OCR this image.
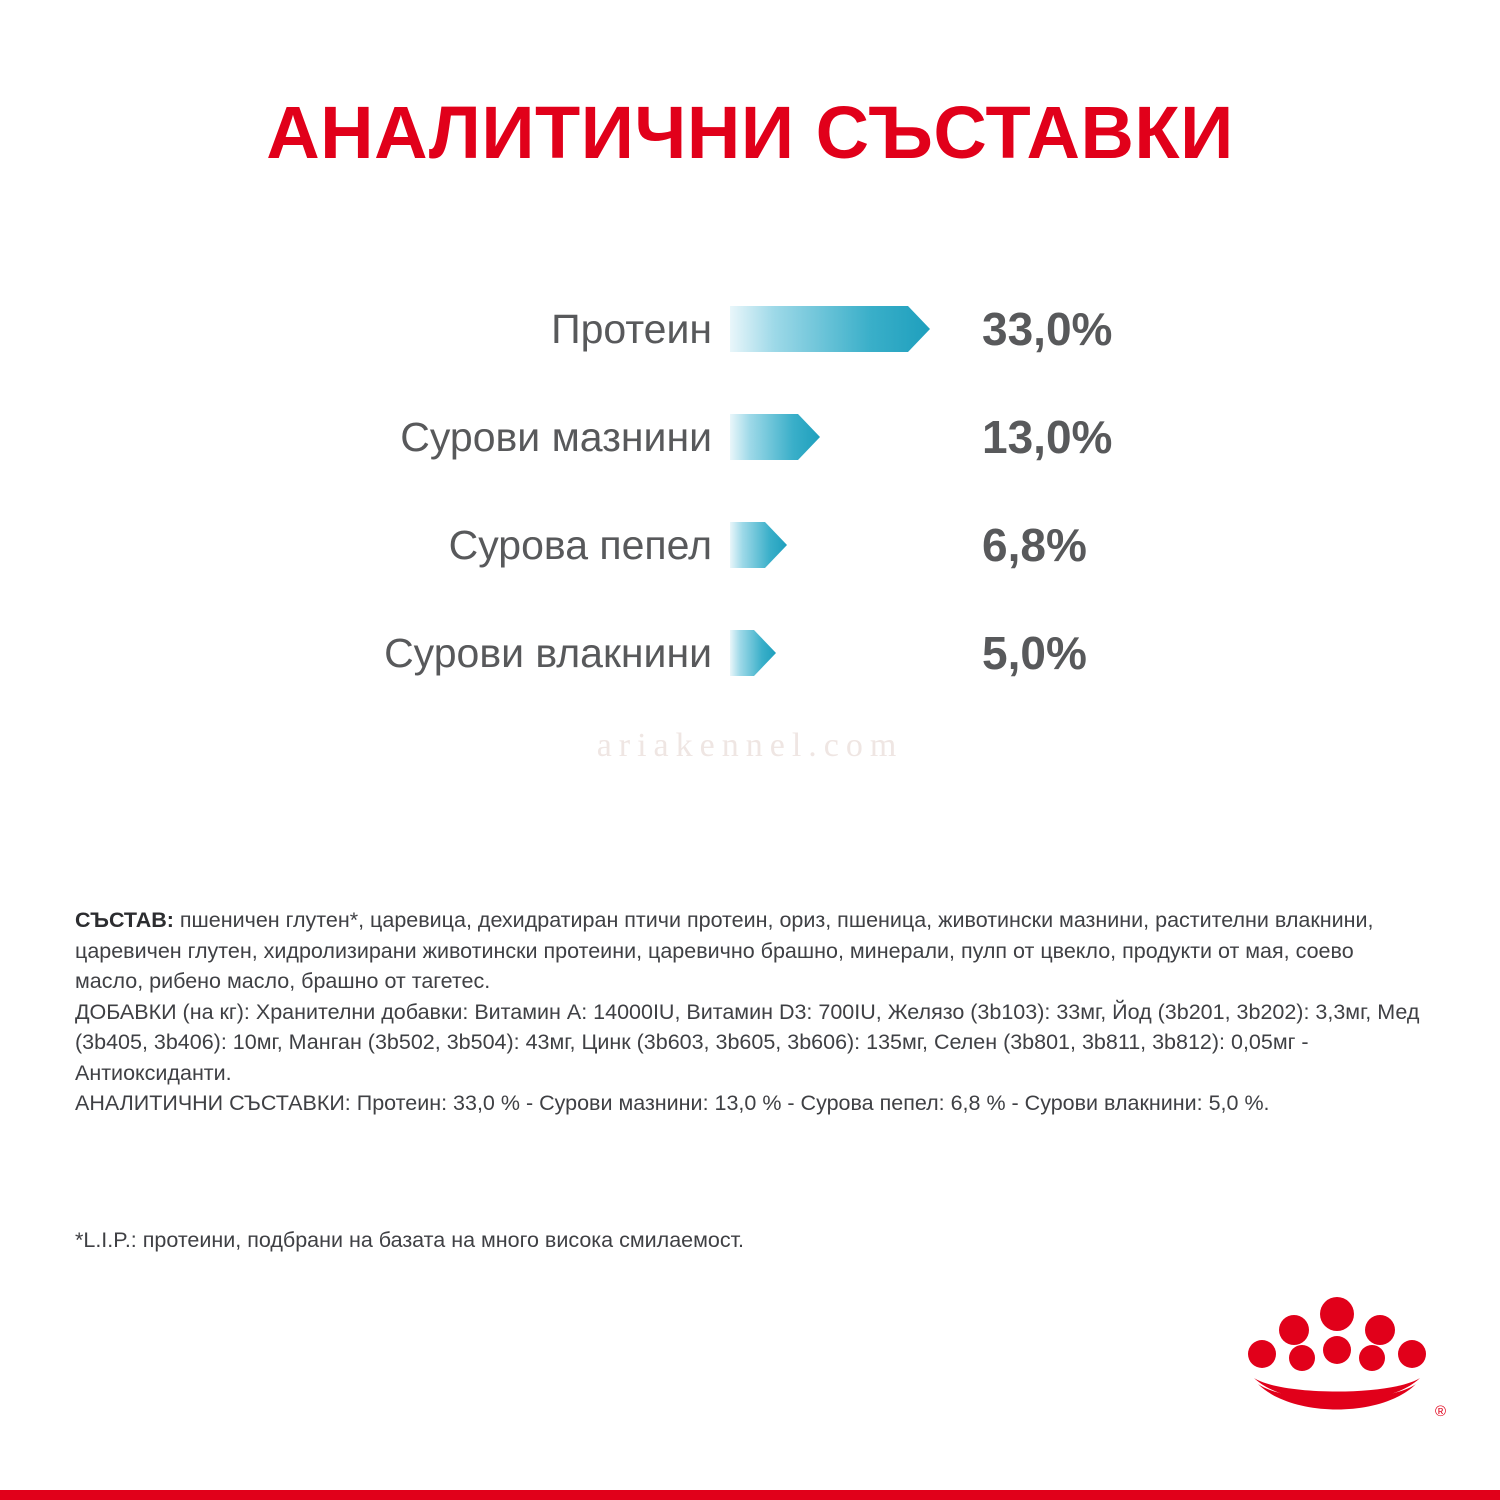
АНАЛИТИЧНИ СЪСТАВКИ
Протеин	33,0%
Сурови мазнини	13,0%
Сурова пепел	6,8%
Сурови влакнини	5,0%
ariakennel.com

СЪСТАВ: пшеничен глутен*, царевица, дехидратиран птичи протеин, ориз, пшеница, животински мазнини, растителни влакнини, царевичен глутен, хидролизирани животински протеини, царевично брашно, минерали, пулп от цвекло, продукти от мая, соево масло, рибено масло, брашно от тагетес.

ДОБАВКИ (на кг): Хранителни добавки: Витамин A: 14000IU, Витамин D3: 700IU, Желязо (3b103): 33мг, Йод (3b201, 3b202): 3,3мг, Мед (3b405, 3b406): 10мг, Манган (3b502, 3b504): 43мг, Цинк (3b603, 3b605, 3b606): 135мг, Селен (3b801, 3b811, 3b812): 0,05мг - Антиоксиданти.

АНАЛИТИЧНИ СЪСТАВКИ: Протеин: 33,0 % - Сурови мазнини: 13,0 % - Сурова пепел: 6,8 % - Сурови влакнини: 5,0 %.

*L.I.P.: протеини, подбрани на базата на много висока смилаемост.
®
